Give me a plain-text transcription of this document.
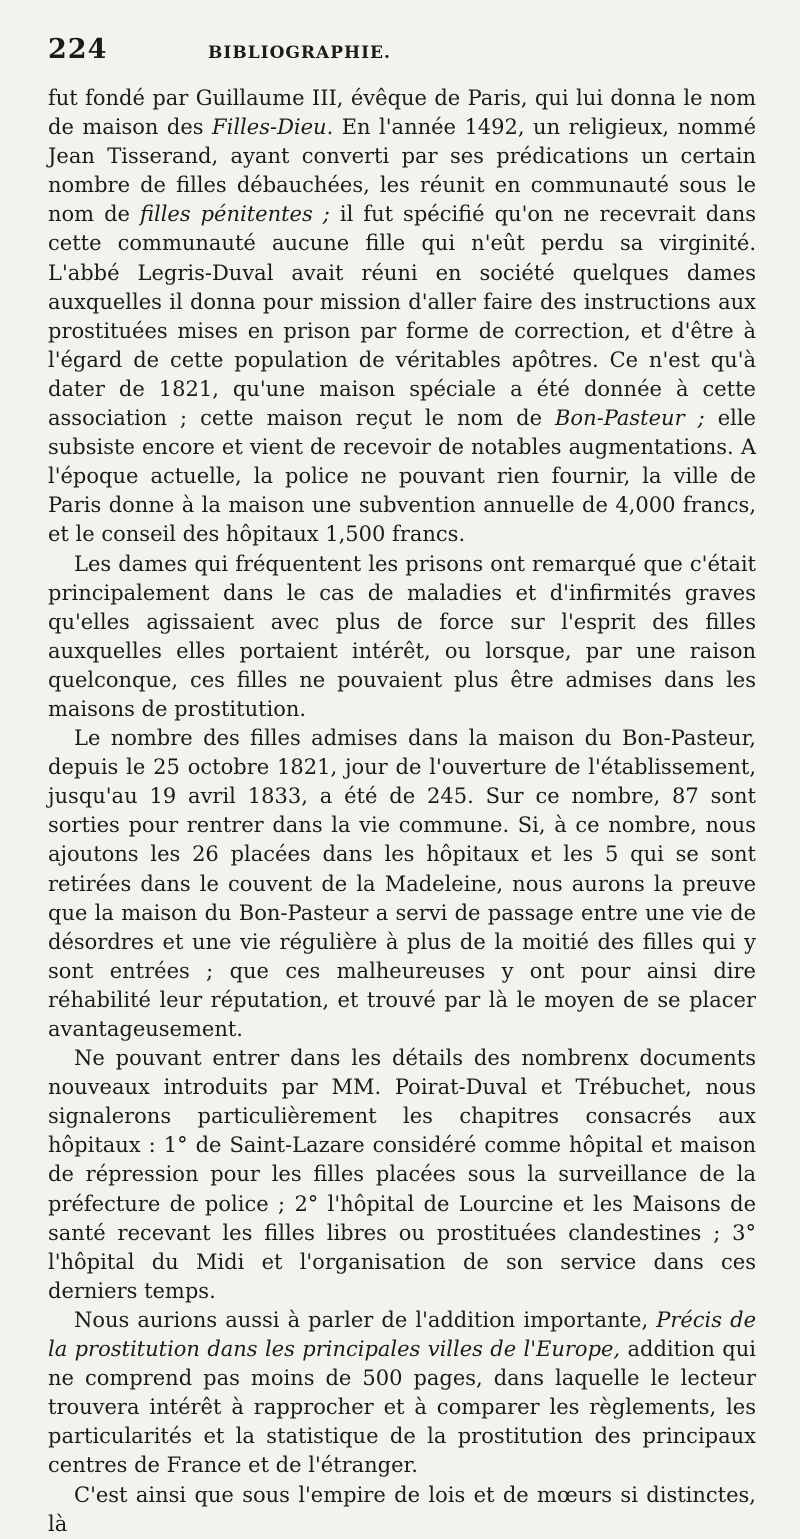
224	BIBLIOGRAPHIE.

fut fondé par Guillaume III, évêque de Paris, qui lui donna le nom de maison des Filles-Dieu. En l'année 1492, un religieux, nommé Jean Tisserand, ayant converti par ses prédications un certain nombre de filles débauchées, les réunit en communauté sous le nom de filles pénitentes ; il fut spécifié qu'on ne recevrait dans cette communauté aucune fille qui n'eût perdu sa virginité. L'abbé Legris-Duval avait réuni en société quelques dames auxquelles il donna pour mission d'aller faire des instructions aux prostituées mises en prison par forme de correction, et d'être à l'égard de cette population de véritables apôtres. Ce n'est qu'à dater de 1821, qu'une maison spéciale a été donnée à cette association ; cette maison reçut le nom de Bon-Pasteur ; elle subsiste encore et vient de recevoir de notables augmentations. A l'époque actuelle, la police ne pouvant rien fournir, la ville de Paris donne à la maison une subvention annuelle de 4,000 francs, et le conseil des hôpitaux 1,500 francs.

Les dames qui fréquentent les prisons ont remarqué que c'était principalement dans le cas de maladies et d'infirmités graves qu'elles agissaient avec plus de force sur l'esprit des filles auxquelles elles portaient intérêt, ou lorsque, par une raison quelconque, ces filles ne pouvaient plus être admises dans les maisons de prostitution.

Le nombre des filles admises dans la maison du Bon-Pasteur, depuis le 25 octobre 1821, jour de l'ouverture de l'établissement, jusqu'au 19 avril 1833, a été de 245. Sur ce nombre, 87 sont sorties pour rentrer dans la vie commune. Si, à ce nombre, nous ajoutons les 26 placées dans les hôpitaux et les 5 qui se sont retirées dans le couvent de la Madeleine, nous aurons la preuve que la maison du Bon-Pasteur a servi de passage entre une vie de désordres et une vie régulière à plus de la moitié des filles qui y sont entrées ; que ces malheureuses y ont pour ainsi dire réhabilité leur réputation, et trouvé par là le moyen de se placer avantageusement.

Ne pouvant entrer dans les détails des nombrenx documents nouveaux introduits par MM. Poirat-Duval et Trébuchet, nous signalerons particulièrement les chapitres consacrés aux hôpitaux : 1° de Saint-Lazare considéré comme hôpital et maison de répression pour les filles placées sous la surveillance de la préfecture de police ; 2° l'hôpital de Lourcine et les Maisons de santé recevant les filles libres ou prostituées clandestines ; 3° l'hôpital du Midi et l'organisation de son service dans ces derniers temps.

Nous aurions aussi à parler de l'addition importante, Précis de la prostitution dans les principales villes de l'Europe, addition qui ne comprend pas moins de 500 pages, dans laquelle le lecteur trouvera intérêt à rapprocher et à comparer les règlements, les particularités et la statistique de la prostitution des principaux centres de France et de l'étranger.

C'est ainsi que sous l'empire de lois et de mœurs si distinctes, là
